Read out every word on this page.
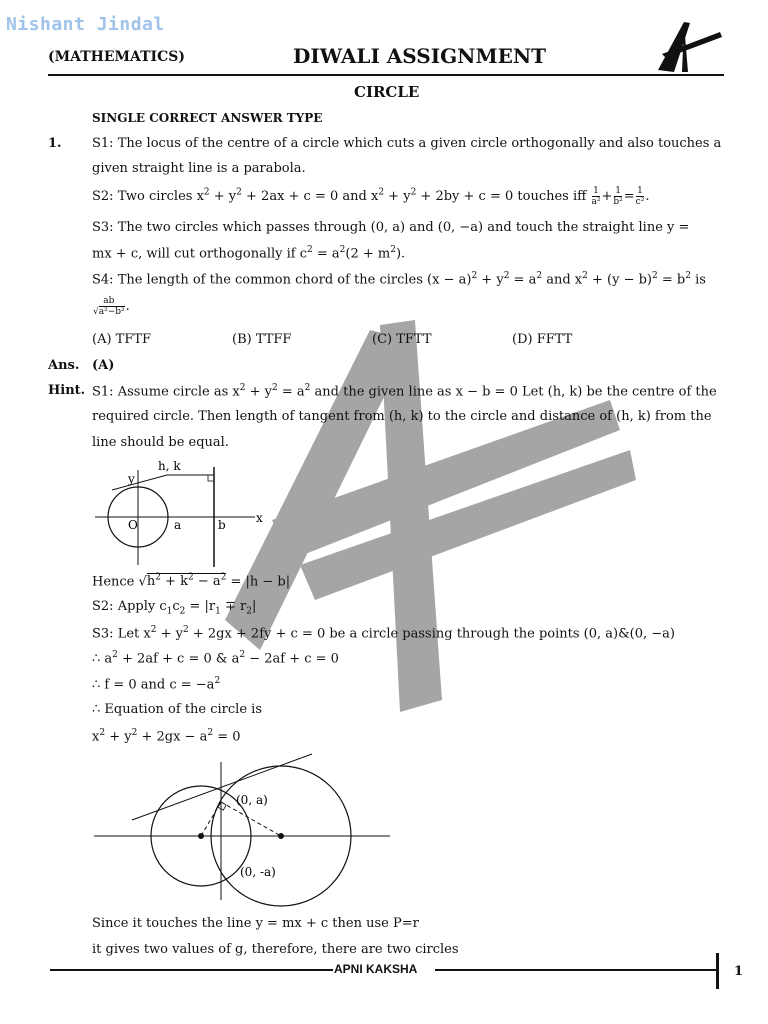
Nishant Jindal
(MATHEMATICS)	DIWALI ASSIGNMENT
CIRCLE
SINGLE CORRECT ANSWER TYPE
1. S1: The locus of the centre of a circle which cuts a given circle orthogonally and also touches a
given straight line is a parabola.
S2: Two circles $x^2 + y^2 + 2ax + c = 0$ and $x^2 + y^2 + 2by + c = 0$ touches iff $\frac{1}{\text{a²}} + \frac{1}{\text{b²}} = \frac{1}{\text{c²}}$ .
S3: The two circles which passes through (0, a) and (0, −a) and touch the straight line y =
mx + c, will cut orthogonally if $c^2 = a^2(2 + m^2)$.
S4: The length of the common chord of the circles $(x - a)^2 + y^2 = a^2$ and $x^2 + (y - b)^2 = b^2$ is
$\frac{ab}{\text{√a²−b²}}$ .
(A) TFTF	(B) TTFF	(C) TFTT	(D) FFTT
Ans. (A)
Hint. S1: Assume circle as $x^2 + y^2 = a^2$ and the given line as x − b = 0 Let (h, k) be the centre of the
required circle. Then length of tangent from (h, k) to the circle and distance of (h, k) from the
line should be equal.
h, k
y
x
O	a	b
Hence $√h^2 + k^2 - a^2 = |h - b|$
S2: Apply $c_1c_2 = |r_1 \mp r_2|$
S3: Let $x^2 + y^2 + 2gx + 2fy + c = 0$ be a circle passing through the points (0, a)&(0, −a)
∴ $a^2 + 2af + c = 0$ & $a^2 - 2af + c = 0$
∴ f = 0 and $c = -a^2$
∴ Equation of the circle is
$x^2 + y^2 + 2gx - a^2 = 0$
(0, a)
(0, -a)
Since it touches the line y = mx + c then use P=r
it gives two values of g, therefore, there are two circles
APNI KAKSHA	1
